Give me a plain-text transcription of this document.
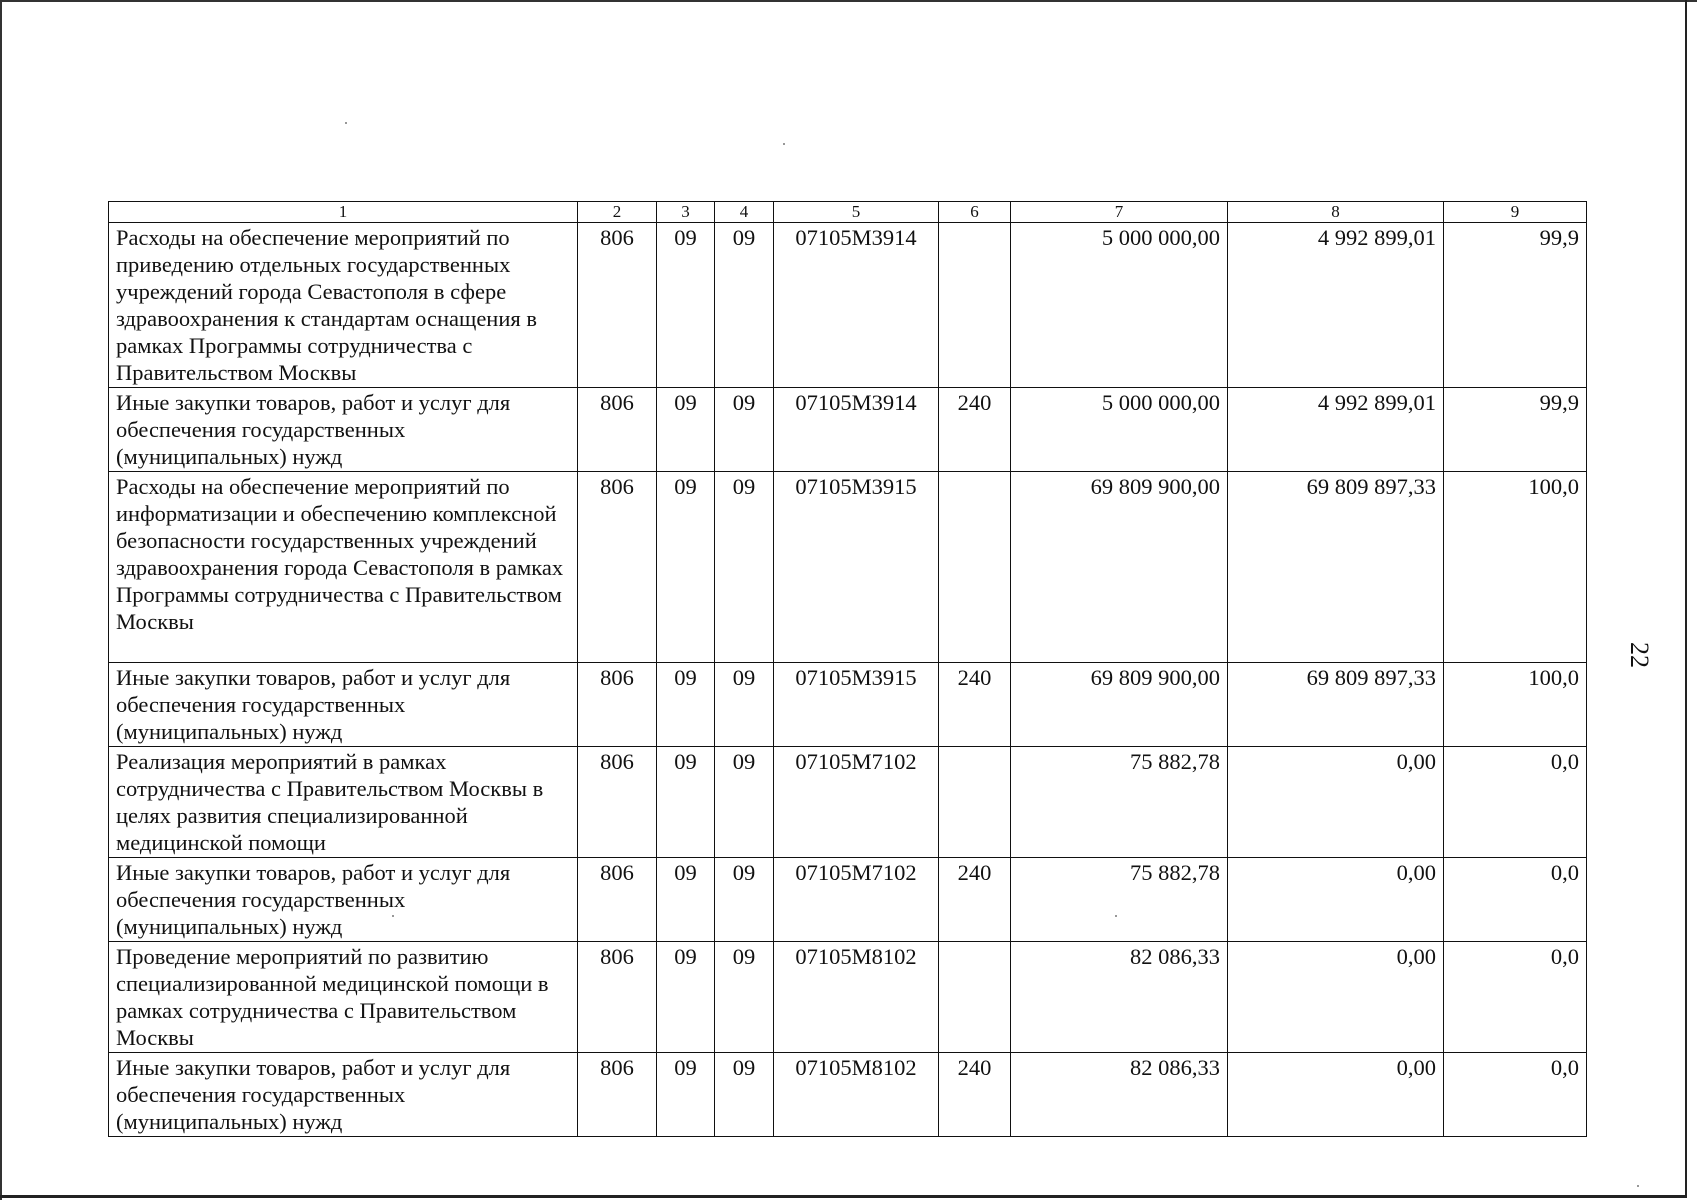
1	2	3	4	5	6	7	8	9
Расходы на обеспечение мероприятий по приведению отдельных государственных учреждений города Севастополя в сфере здравоохранения к стандартам оснащения в рамках Программы сотрудничества с Правительством Москвы	806	09	09	07105М3914		5 000 000,00	4 992 899,01	99,9
Иные закупки товаров, работ и услуг для обеспечения государственных (муниципальных) нужд	806	09	09	07105М3914	240	5 000 000,00	4 992 899,01	99,9
Расходы на обеспечение мероприятий по информатизации и обеспечению комплексной безопасности государственных учреждений здравоохранения города Севастополя в рамках Программы сотрудничества с Правительством Москвы	806	09	09	07105М3915		69 809 900,00	69 809 897,33	100,0
Иные закупки товаров, работ и услуг для обеспечения государственных (муниципальных) нужд	806	09	09	07105М3915	240	69 809 900,00	69 809 897,33	100,0
Реализация мероприятий в рамках сотрудничества с Правительством Москвы в целях развития специализированной медицинской помощи	806	09	09	07105М7102		75 882,78	0,00	0,0
Иные закупки товаров, работ и услуг для обеспечения государственных (муниципальных) нужд	806	09	09	07105М7102	240	75 882,78	0,00	0,0
Проведение мероприятий по развитию специализированной медицинской помощи в рамках сотрудничества с Правительством Москвы	806	09	09	07105М8102		82 086,33	0,00	0,0
Иные закупки товаров, работ и услуг для обеспечения государственных (муниципальных) нужд	806	09	09	07105М8102	240	82 086,33	0,00	0,0
22
